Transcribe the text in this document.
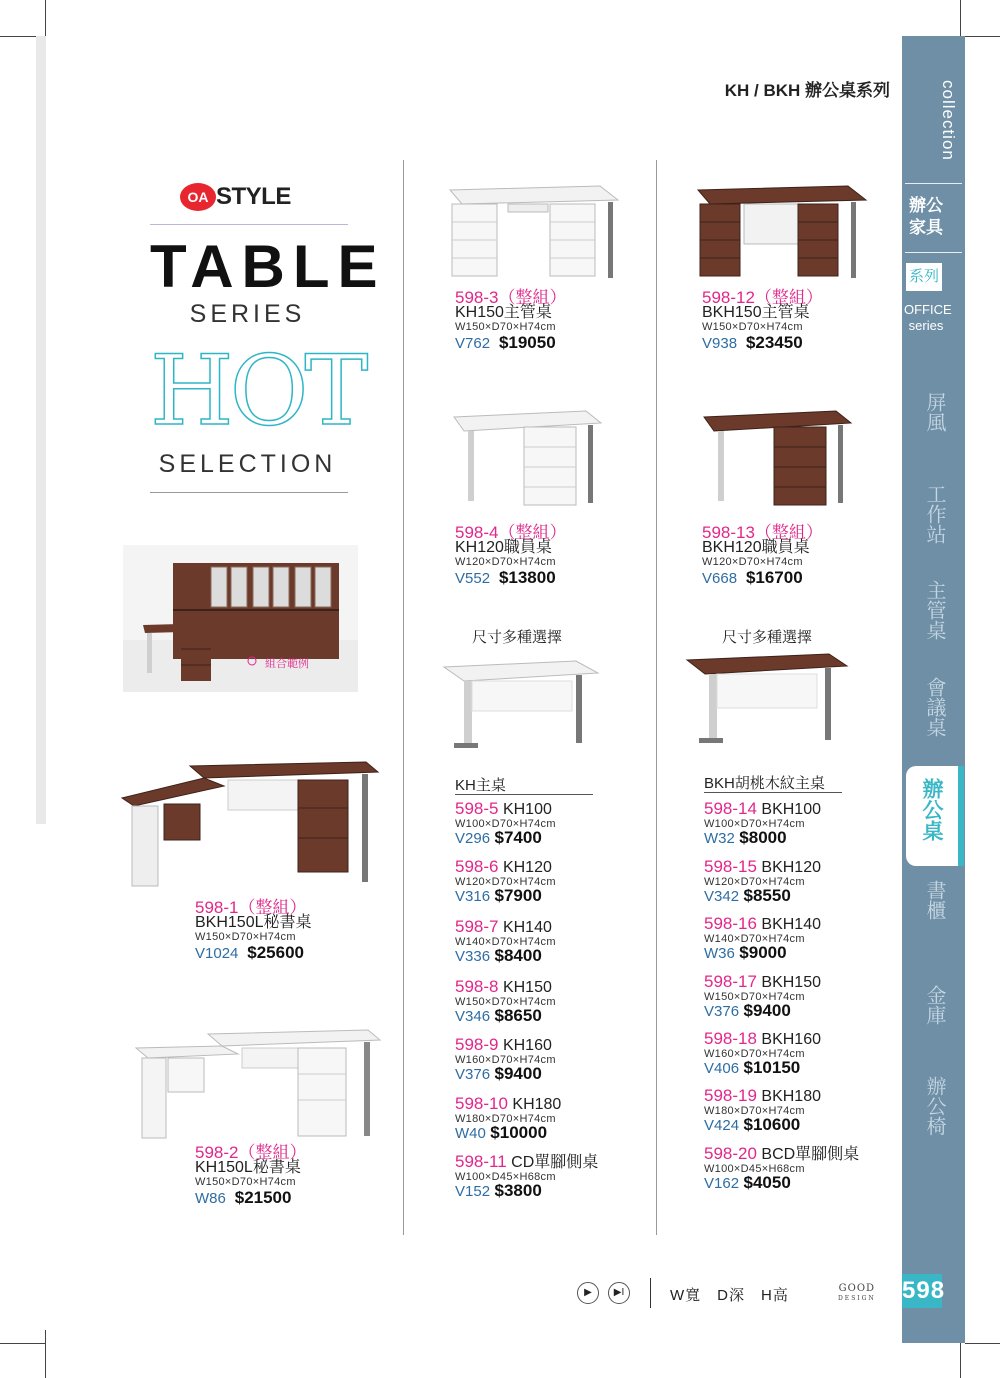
collection
辦公家具
系列
OFFICE series
屏風
工作站
主管桌
會議桌
辦公桌
書櫃
金庫
辦公椅
KH / BKH 辦公桌系列
OA STYLE
TABLE
SERIES
HOT
SELECTION
組合範例
598-3（整組）
KH150主管桌
W150×D70×H74cm
V762 $19050
598-12（整組）
BKH150主管桌
W150×D70×H74cm
V938 $23450
598-4（整組）
KH120職員桌
W120×D70×H74cm
V552 $13800
598-13（整組）
BKH120職員桌
W120×D70×H74cm
V668 $16700
598-1（整組）
BKH150L秘書桌
W150×D70×H74cm
V1024 $25600
598-2（整組）
KH150L秘書桌
W150×D70×H74cm
W86 $21500
尺寸多種選擇	尺寸多種選擇
KH主桌
598-5 KH100
W100×D70×H74cm
V296 $7400
598-6 KH120
W120×D70×H74cm
V316 $7900
598-7 KH140
W140×D70×H74cm
V336 $8400
598-8 KH150
W150×D70×H74cm
V346 $8650
598-9 KH160
W160×D70×H74cm
V376 $9400
598-10 KH180
W180×D70×H74cm
W40 $10000
598-11 CD單腳側桌
W100×D45×H68cm
V152 $3800
BKH胡桃木紋主桌
598-14 BKH100
W100×D70×H74cm
W32 $8000
598-15 BKH120
W120×D70×H74cm
V342 $8550
598-16 BKH140
W140×D70×H74cm
W36 $9000
598-17 BKH150
W150×D70×H74cm
V376 $9400
598-18 BKH160
W160×D70×H74cm
V406 $10150
598-19 BKH180
W180×D70×H74cm
V424 $10600
598-20 BCD單腳側桌
W100×D45×H68cm
V162 $4050
▶	▶I	W寬　D深　H高	GOOD
DESIGN 598
